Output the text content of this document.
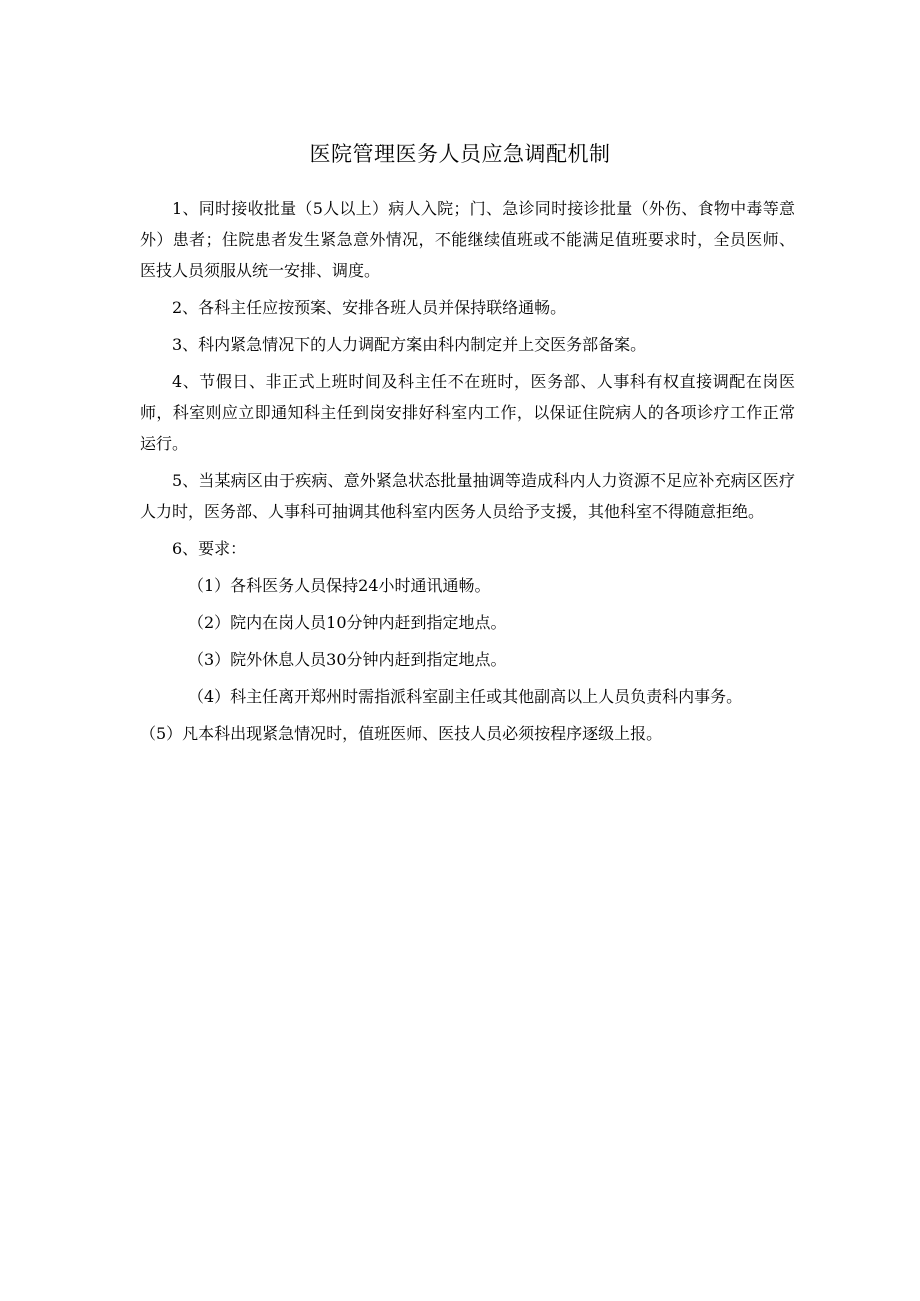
医院管理医务人员应急调配机制

1、同时接收批量（5人以上）病人入院；门、急诊同时接诊批量（外伤、食物中毒等意外）患者；住院患者发生紧急意外情况，不能继续值班或不能满足值班要求时，全员医师、医技人员须服从统一安排、调度。

2、各科主任应按预案、安排各班人员并保持联络通畅。

3、科内紧急情况下的人力调配方案由科内制定并上交医务部备案。

4、节假日、非正式上班时间及科主任不在班时，医务部、人事科有权直接调配在岗医师，科室则应立即通知科主任到岗安排好科室内工作，以保证住院病人的各项诊疗工作正常运行。

5、当某病区由于疾病、意外紧急状态批量抽调等造成科内人力资源不足应补充病区医疗人力时，医务部、人事科可抽调其他科室内医务人员给予支援，其他科室不得随意拒绝。

6、要求：

（1）各科医务人员保持24小时通讯通畅。

（2）院内在岗人员10分钟内赶到指定地点。

（3）院外休息人员30分钟内赶到指定地点。

（4）科主任离开郑州时需指派科室副主任或其他副高以上人员负责科内事务。

（5）凡本科出现紧急情况时，值班医师、医技人员必须按程序逐级上报。
